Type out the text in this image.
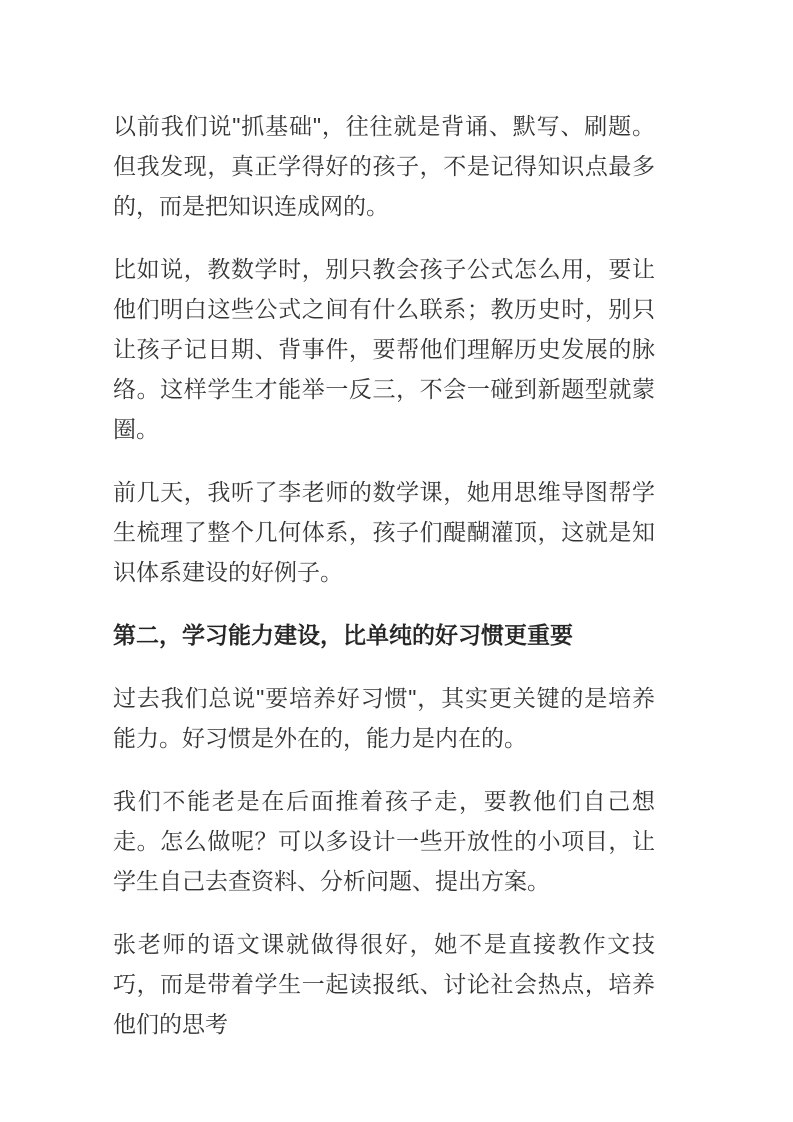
以前我们说"抓基础"，往往就是背诵、默写、刷题。但我发现，真正学得好的孩子，不是记得知识点最多的，而是把知识连成网的。

比如说，教数学时，别只教会孩子公式怎么用，要让他们明白这些公式之间有什么联系；教历史时，别只让孩子记日期、背事件，要帮他们理解历史发展的脉络。这样学生才能举一反三，不会一碰到新题型就蒙圈。

前几天，我听了李老师的数学课，她用思维导图帮学生梳理了整个几何体系，孩子们醍醐灌顶，这就是知识体系建设的好例子。

第二，学习能力建设，比单纯的好习惯更重要

过去我们总说"要培养好习惯"，其实更关键的是培养能力。好习惯是外在的，能力是内在的。

我们不能老是在后面推着孩子走，要教他们自己想走。怎么做呢？可以多设计一些开放性的小项目，让学生自己去查资料、分析问题、提出方案。

张老师的语文课就做得很好，她不是直接教作文技巧，而是带着学生一起读报纸、讨论社会热点，培养他们的思考
